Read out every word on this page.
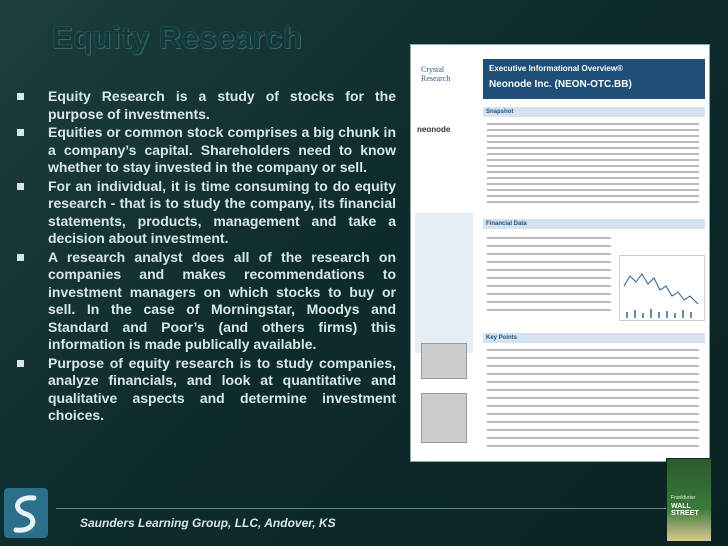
Equity Research
Equity Research is a study of stocks for the purpose of investments.
Equities or common stock comprises a big chunk in a company’s capital. Shareholders need to know whether to stay invested in the company or sell.
For an individual, it is time consuming to do equity research - that is to study the company, its financial statements, products, management and take a decision about investment.
A research analyst does all of the research on companies and makes recommendations to investment managers on which stocks to buy or sell. In the case of Morningstar, Moodys and Standard and Poor’s (and others firms) this information is made publically available.
Purpose of equity research is to study companies, analyze financials, and look at quantitative and qualitative aspects and determine investment choices.
Crystal Research
Executive Informational Overview®
Neonode Inc. (NEON-OTC.BB)
neonode
Snapshot
Financial Data
Key Points
Frankfurter
WALL STREET
Saunders Learning Group, LLC, Andover, KS
